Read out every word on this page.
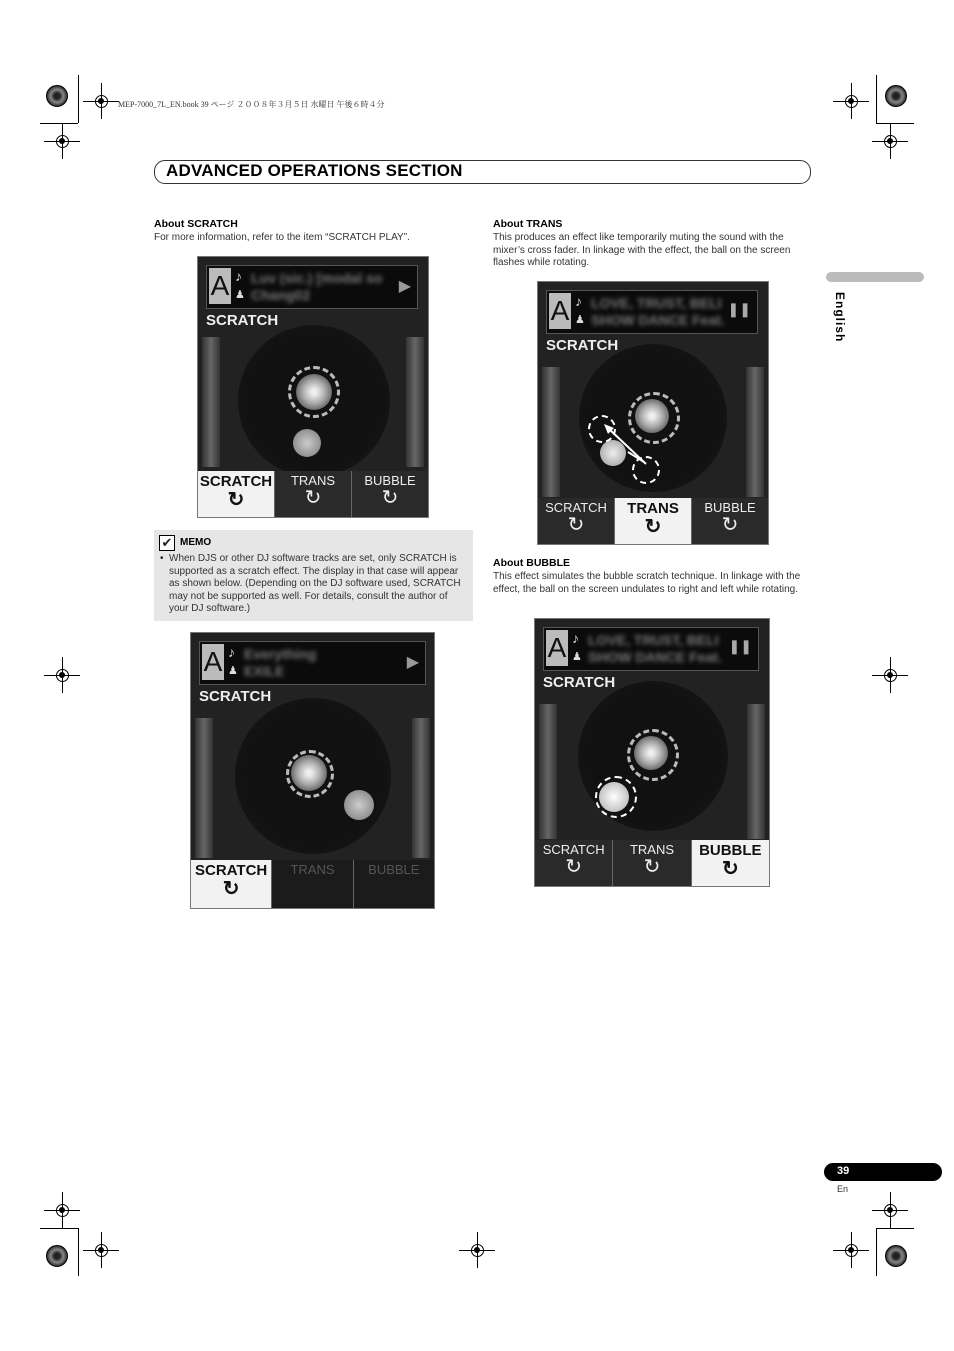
MEP-7000_7L_EN.book 39 ページ ２００８年３月５日 水曜日 午後６時４分
ADVANCED OPERATIONS SECTION
English
About SCRATCH
For more information, refer to the item “SCRATCH PLAY”.
A ♪
♟
Luv (sic.) [modal so
Chang02	▶
SCRATCH
SCRATCH
↻
TRANS
↻
BUBBLE
↻
✔ MEMO
• When DJS or other DJ software tracks are set, only SCRATCH is supported as a scratch effect. The display in that case will appear as shown below. (Depending on the DJ software used, SCRATCH may not be supported as well. For details, consult the author of your DJ software.)
A ♪
♟
Everything
EXILE	▶
SCRATCH
SCRATCH
↻
TRANS	BUBBLE
About TRANS
This produces an effect like temporarily muting the sound with the mixer’s cross fader. In linkage with the effect, the ball on the screen flashes while rotating.
A ♪
♟
LOVE, TRUST, BELI
SHOW DANCE Feat.
❚❚
SCRATCH
SCRATCH
↻
TRANS
↻
BUBBLE
↻
About BUBBLE
This effect simulates the bubble scratch technique. In linkage with the effect, the ball on the screen undulates to right and left while rotating.
A ♪
♟
LOVE, TRUST, BELI
SHOW DANCE Feat.
❚❚
SCRATCH
SCRATCH
↻
TRANS
↻
BUBBLE
↻
39
En
